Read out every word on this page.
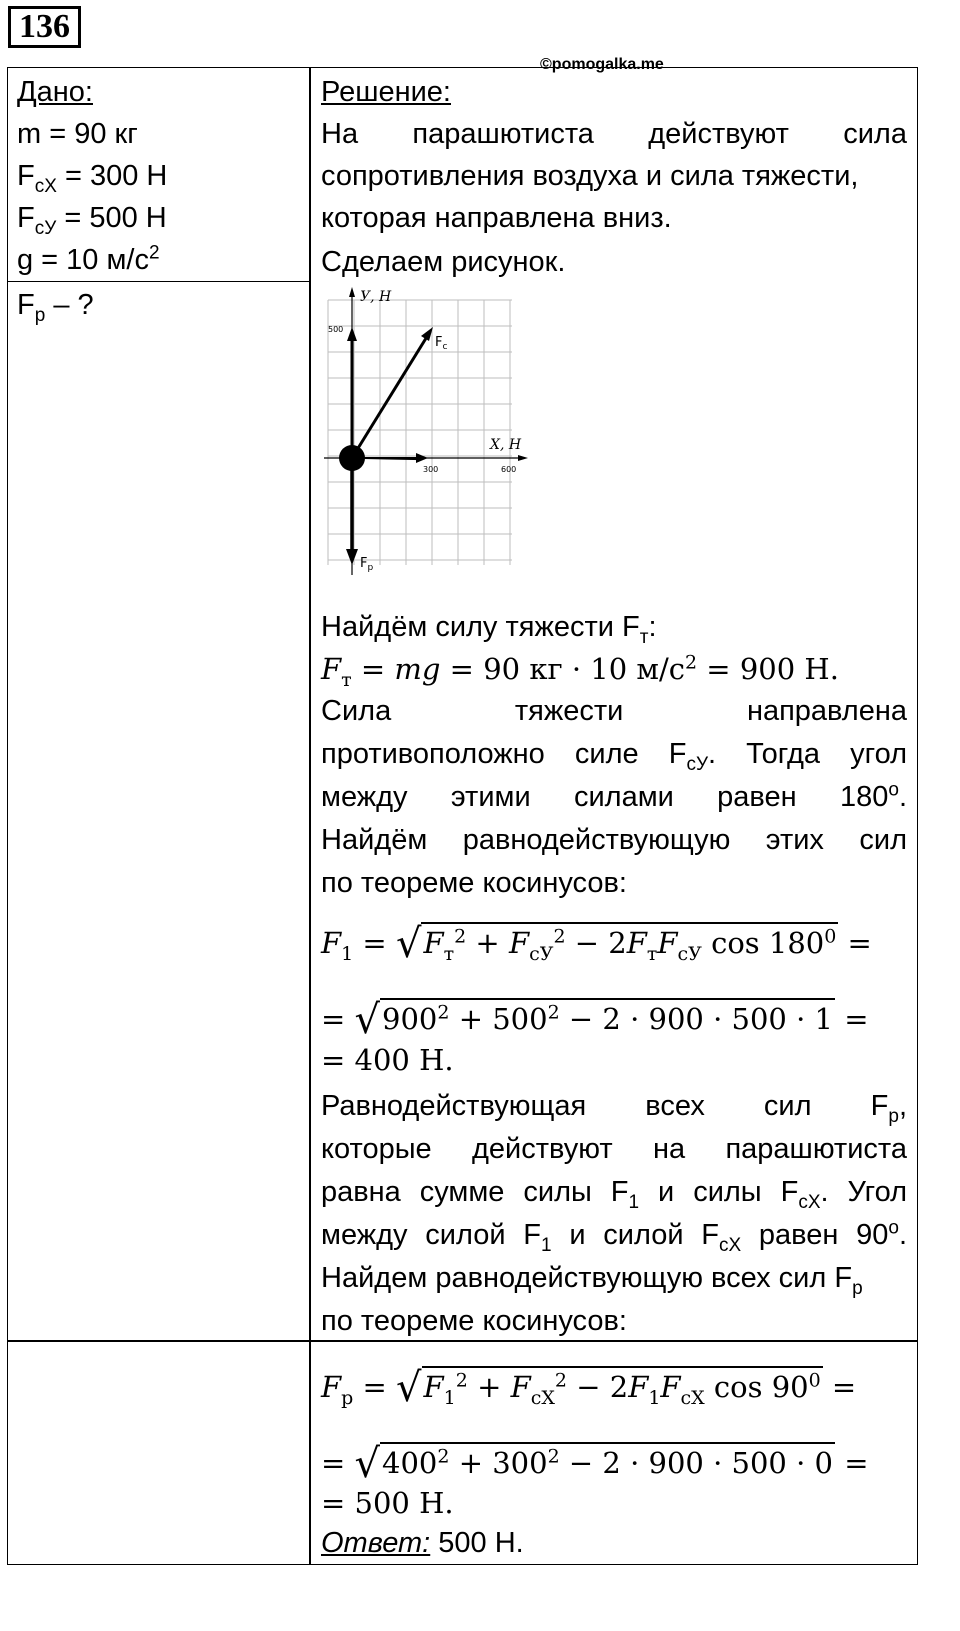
136
©pomogalka.me
Дано:
m = 90 кг
$F_{сX} = 300$ Н
$F_{сУ} = 500$ Н
g = 10 $м/с^2$
$F_р$ – ?
Решение:
На парашютиста действуют сила
сопротивления воздуха и сила тяжести,
которая направлена вниз.
Сделаем рисунок.
У, Н
500
X, Н
300	600
$F_с$
$F_р$
Найдём силу тяжести $F_т$:
$F_т$ = mg = 90 кг · 10 $м/с^2 = 900$ Н.
Сила тяжести направлена
противоположно силе $F_{сУ}$. Тогда угол
между этими силами равен $180^о$.
Найдём равнодействующую этих сил
по теореме косинусов:
$F_1 = √F_т^2 + F_{сУ}^2 - 2F_тF_{сУ}$ $\cos 180^0$ =
= $√900^2 + 500^2 - 2 \cdot 900 \cdot 500 \cdot 1$ =
= 400 Н.
Равнодействующая всех сил $F_р$,
которые действуют на парашютиста
равна сумме силы $F_1$ и силы $F_{сX}$. Угол
между силой $F_1$ и силой $F_{сX}$ равен $90^о$.
Найдем равнодействующую всех сил $F_р$
по теореме косинусов:
$F_р = √F_1^2 + F_{сX}^2 - 2F_1F_{сX}$ $\cos 90^0$ =
= $√400^2 + 300^2 - 2 \cdot 900 \cdot 500 \cdot 0$ =
= 500 Н.
Ответ: 500 Н.
